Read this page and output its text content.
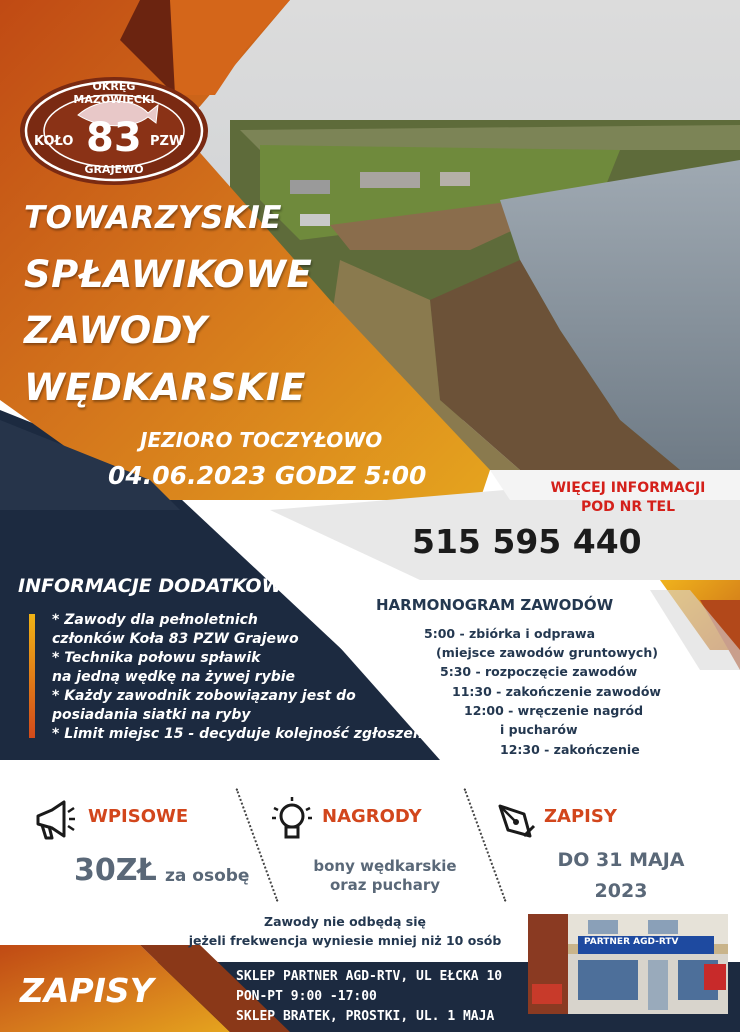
OKRĘG MAZOWIECKI
KOŁO 83 PZW
GRAJEWO
TOWARZYSKIE
SPŁAWIKOWE
ZAWODY
WĘDKARSKIE
JEZIORO TOCZYŁOWO
04.06.2023 GODZ 5:00	WIĘCEJ INFORMACJI
POD NR TEL
515 595 440
INFORMACJE DODATKOWE
* Zawody dla pełnoletnich
członków Koła 83 PZW Grajewo
* Technika połowu spławik
na jedną wędkę na żywej rybie
* Każdy zawodnik zobowiązany jest do
posiadania siatki na ryby
* Limit miejsc 15 - decyduje kolejność zgłoszeń
HARMONOGRAM ZAWODÓW
5:00 - zbiórka i odprawa
(miejsce zawodów gruntowych)
5:30 - rozpoczęcie zawodów
11:30 - zakończenie zawodów
12:00 - wręczenie nagród
i pucharów
12:30 - zakończenie
WPISOWE
30ZŁ za osobę
NAGRODY
bony wędkarskie
oraz puchary
ZAPISY
DO 31 MAJA
2023
Zawody nie odbędą się
jeżeli frekwencja wyniesie mniej niż 10 osób	PARTNER AGD-RTV
ZAPISY	SKLEP PARTNER AGD-RTV, UL EŁCKA 10
PON-PT 9:00 -17:00
SKLEP BRATEK, PROSTKI, UL. 1 MAJA
